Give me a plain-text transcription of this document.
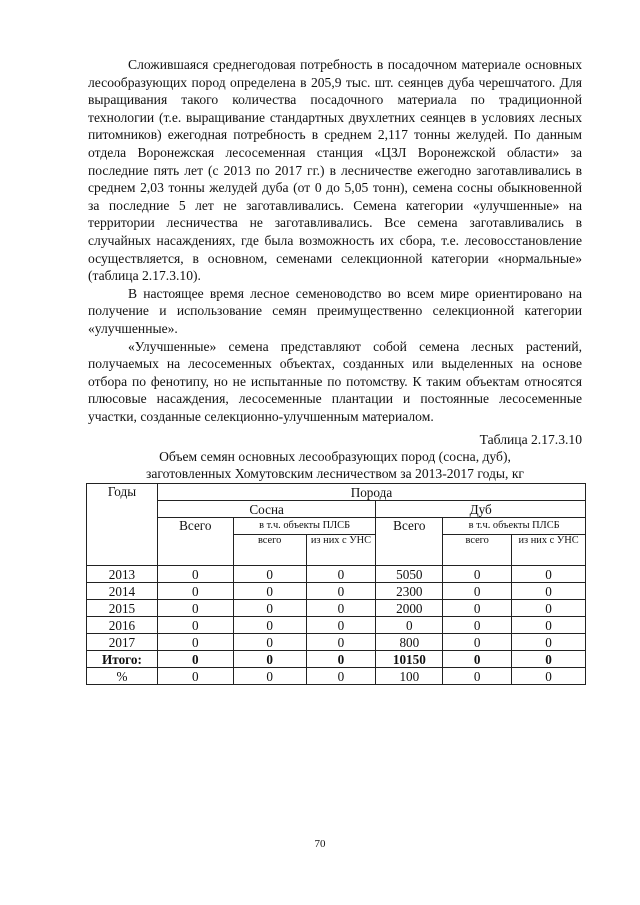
Сложившаяся среднегодовая потребность в посадочном материале основных лесообразующих пород определена в 205,9 тыс. шт. сеянцев дуба черешчатого. Для выращивания такого количества посадочного материала по традиционной технологии (т.е. выращивание стандартных двухлетних сеянцев в условиях лесных питомников) ежегодная потребность в среднем 2,117 тонны желудей. По данным отдела Воронежская лесосеменная станция «ЦЗЛ Воронежской области» за последние пять лет (с 2013 по 2017 гг.) в лесничестве ежегодно заготавливались в среднем 2,03 тонны желудей дуба (от 0 до 5,05 тонн), семена сосны обыкновенной за последние 5 лет не заготавливались. Семена категории «улучшенные» на территории лесничества не заготавливались. Все семена заготавливались в случайных насаждениях, где была возможность их сбора, т.е. лесовосстановление осуществляется, в основном, семенами селекционной категории «нормальные» (таблица 2.17.3.10).

В настоящее время лесное семеноводство во всем мире ориентировано на получение и использование семян преимущественно селекционной категории «улучшенные».

«Улучшенные» семена представляют собой семена лесных растений, получаемых на лесосеменных объектах, созданных или выделенных на основе отбора по фенотипу, но не испытанные по потомству. К таким объектам относятся плюсовые насаждения, лесосеменные плантации и постоянные лесосеменные участки, созданные селекционно-улучшенным материалом.

Таблица 2.17.3.10
Объем семян основных лесообразующих пород (сосна, дуб),
заготовленных Хомутовским лесничеством за 2013-2017 годы, кг
Годы	Порода					
	Сосна			Дуб		
	Всего	в т.ч. объекты ПЛСБ		Всего	в т.ч. объекты ПЛСБ	
		всего	из них с УНС		всего	из них с УНС
2013	0	0	0	5050	0	0
2014	0	0	0	2300	0	0
2015	0	0	0	2000	0	0
2016	0	0	0	0	0	0
2017	0	0	0	800	0	0
Итого:	0	0	0	10150	0	0
%	0	0	0	100	0	0
70
